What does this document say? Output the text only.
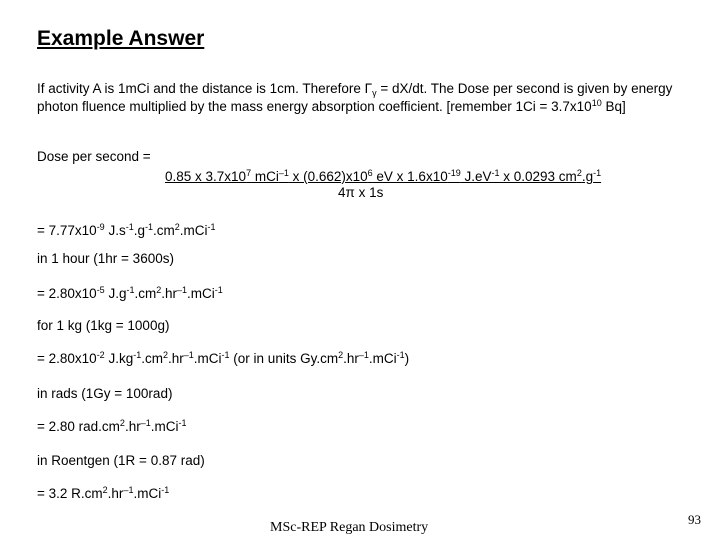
Example Answer

If activity A is 1mCi and the distance is 1cm. Therefore $\Gamma_\gamma = dX/dt$. The Dose per second is given by energy photon fluence multiplied by the mass energy absorption coefficient. [remember $1Ci = 3.7x10^{10}$ Bq]

Dose per second =

0.85 x $3.7x10^7$ mCi$^{-1}$ x $(0.662)x10^6$ eV x $1.6x10^{-19}$ $J.eV^{-1}$ x 0.0293 $cm^2.g^{-1}$
4π x 1s

= $7.77x10^{-9}$ $J.s^{-1}.g^{-1}.cm^2.mCi^{-1}$

in 1 hour (1hr = 3600s)

= $2.80x10^{-5}$ $J.g^{-1}.cm^2.hr^{-1}.mCi^{-1}$

for 1 kg (1kg = 1000g)

= $2.80x10^{-2}$ $J.kg^{-1}.cm^2.hr^{-1}.mCi^{-1}$ (or in units $Gy.cm^2.hr^{-1}.mCi^{-1}$)

in rads (1Gy = 100rad)

= 2.80 $rad.cm^2.hr^{-1}.mCi^{-1}$

in Roentgen (1R = 0.87 rad)

= 3.2 $R.cm^2.hr^{-1}.mCi^{-1}$

MSc-REP Regan Dosimetry
93
